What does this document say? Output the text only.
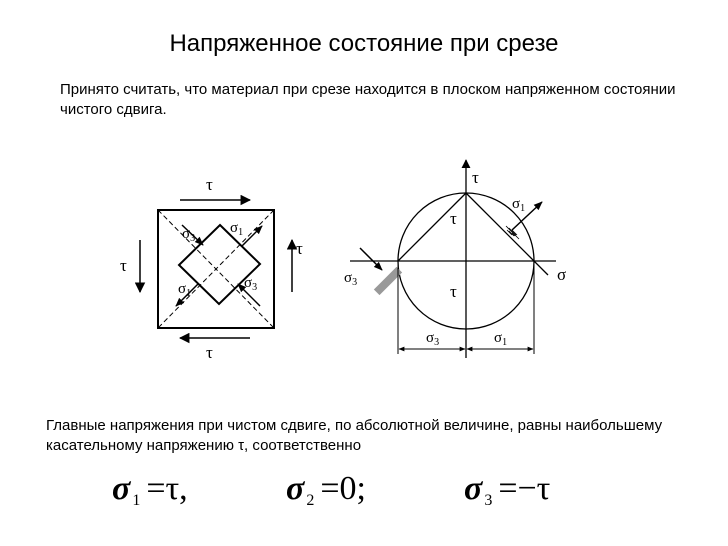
Напряженное состояние при срезе
Принято считать, что материал при срезе находится в плоском напряженном состоянии чистого сдвига.
τ
τ
τ
τ
$\sigma_3$
$\sigma_1$
$\sigma_1$
$\sigma_3$
τ
σ
τ
τ
$\sigma_1$
$\sigma_3$
$\sigma_3$	$\sigma_1$
Главные напряжения при чистом сдвиге, по абсолютной величине, равны наибольшему касательному напряжению τ, соответственно
σ $_1$ =τ,	σ $_2$ =0;	σ $_3$ =−τ
